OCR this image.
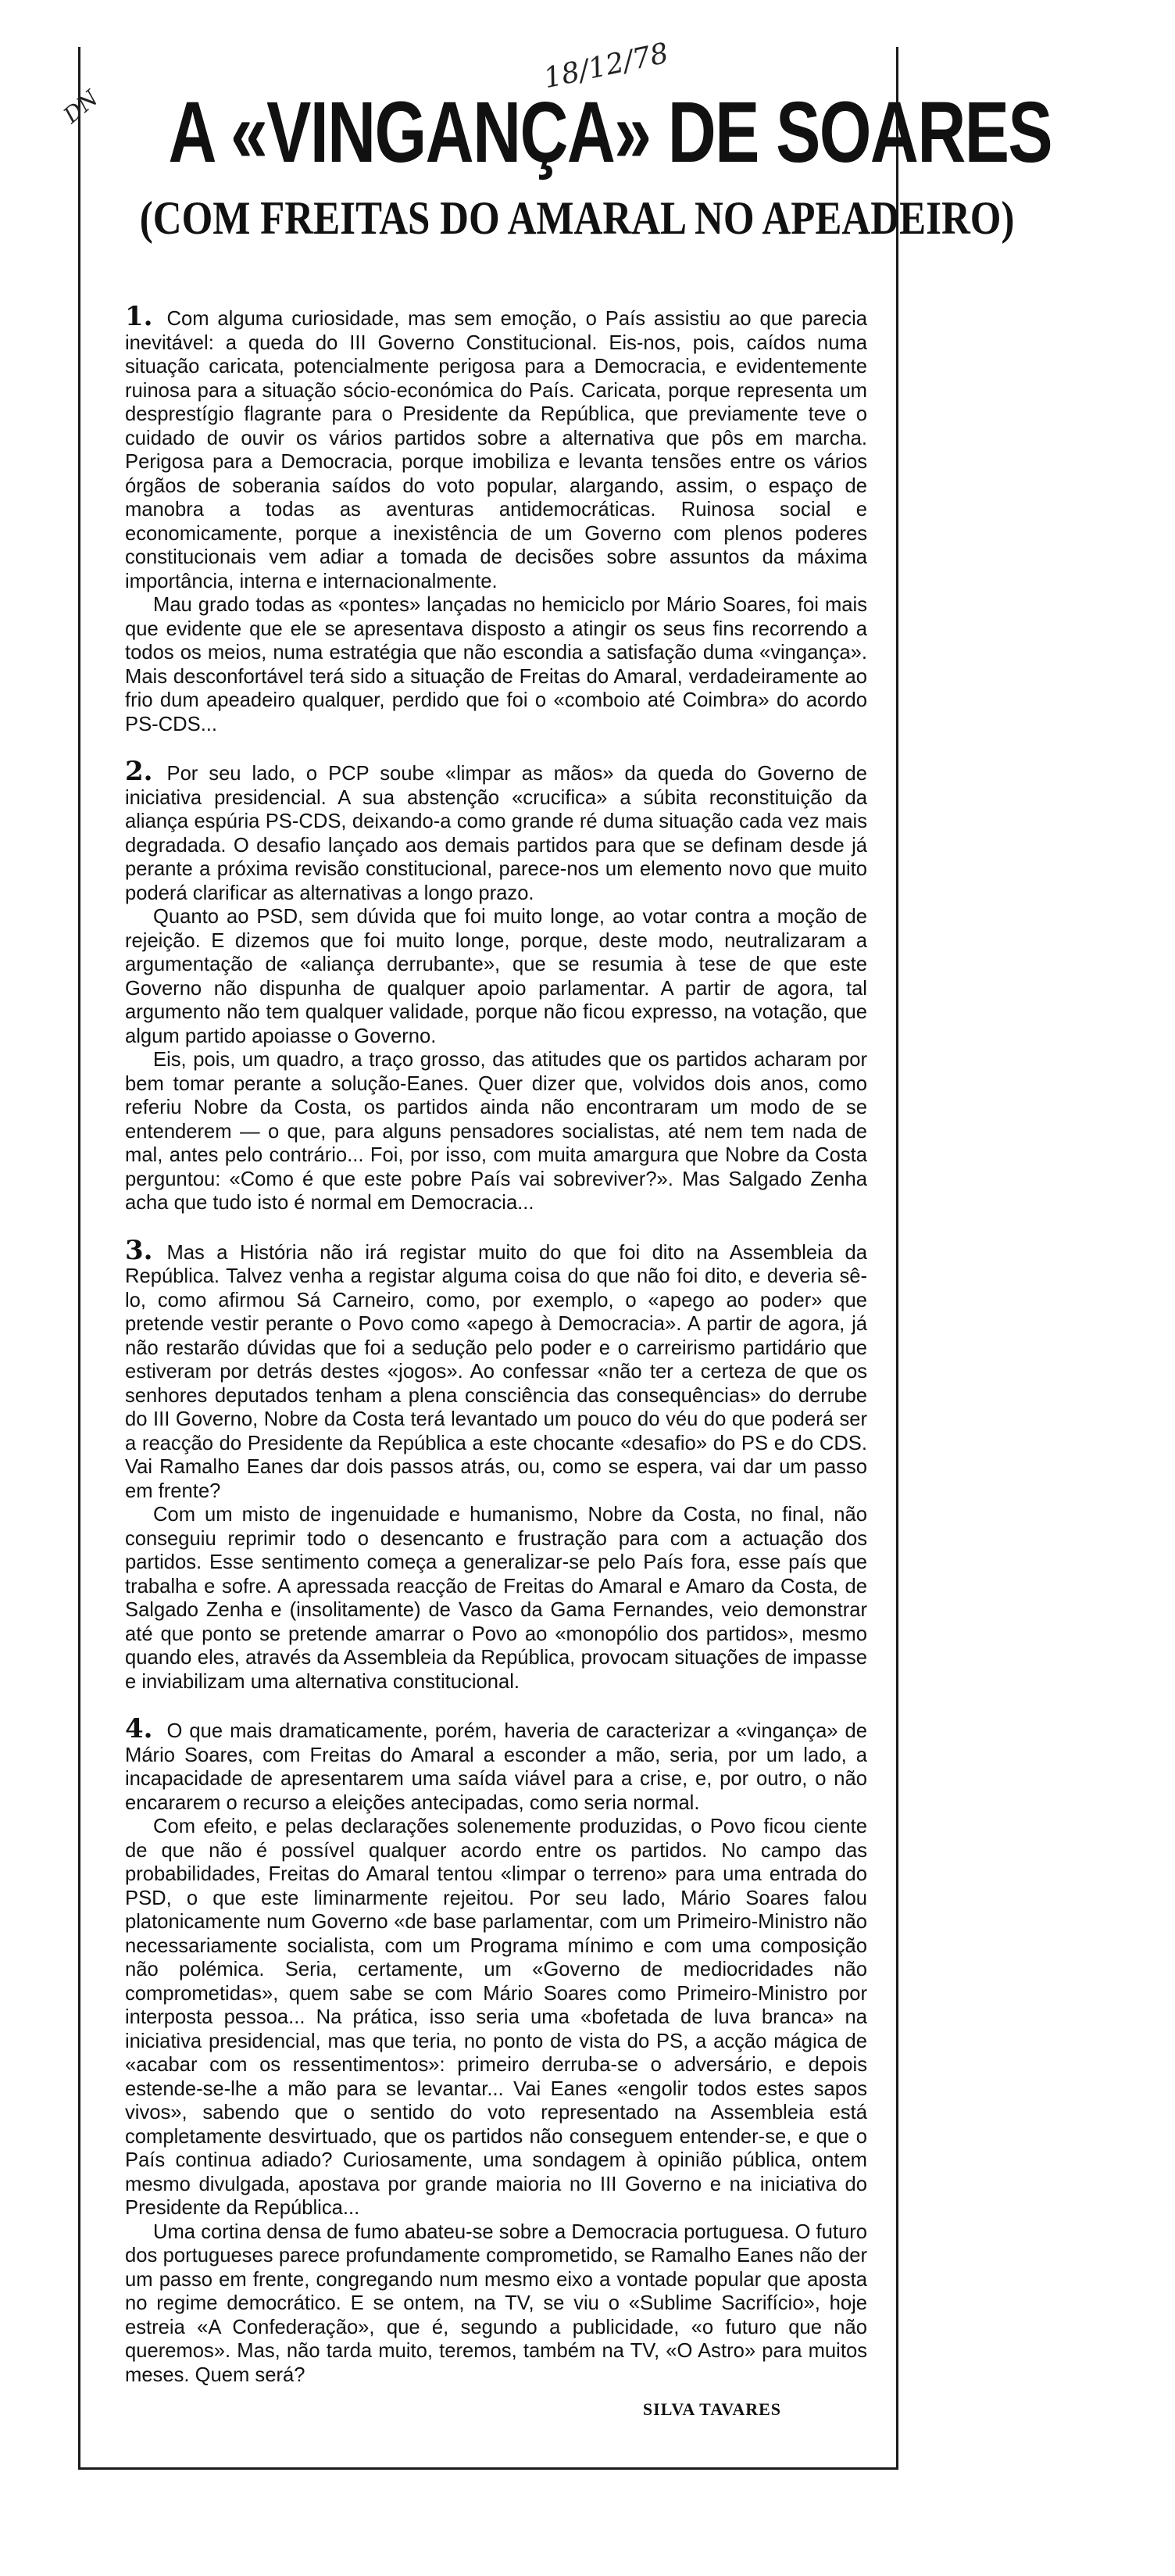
18/12/78
DN A «VINGANÇA» DE SOARES
(COM FREITAS DO AMARAL NO APEADEIRO)

1. Com alguma curiosidade, mas sem emoção, o País assistiu ao que parecia inevitável: a queda do III Governo Constitucional. Eis-nos, pois, caídos numa situação caricata, potencialmente perigosa para a Democracia, e evidentemente ruinosa para a situação sócio-económica do País. Caricata, porque representa um desprestígio flagrante para o Presidente da República, que previamente teve o cuidado de ouvir os vários partidos sobre a alternativa que pôs em marcha. Perigosa para a Democracia, porque imobiliza e levanta tensões entre os vários órgãos de soberania saídos do voto popular, alargando, assim, o espaço de manobra a todas as aventuras antidemocráticas. Ruinosa social e economicamente, porque a inexistência de um Governo com plenos poderes constitucionais vem adiar a tomada de decisões sobre assuntos da máxima importância, interna e internacionalmente.

Mau grado todas as «pontes» lançadas no hemiciclo por Mário Soares, foi mais que evidente que ele se apresentava disposto a atingir os seus fins recorrendo a todos os meios, numa estratégia que não escondia a satisfação duma «vingança». Mais desconfortável terá sido a situação de Freitas do Amaral, verdadeiramente ao frio dum apeadeiro qualquer, perdido que foi o «comboio até Coimbra» do acordo PS-CDS...

2. Por seu lado, o PCP soube «limpar as mãos» da queda do Governo de iniciativa presidencial. A sua abstenção «crucifica» a súbita reconstituição da aliança espúria PS-CDS, deixando-a como grande ré duma situação cada vez mais degradada. O desafio lançado aos demais partidos para que se definam desde já perante a próxima revisão constitucional, parece-nos um elemento novo que muito poderá clarificar as alternativas a longo prazo.

Quanto ao PSD, sem dúvida que foi muito longe, ao votar contra a moção de rejeição. E dizemos que foi muito longe, porque, deste modo, neutralizaram a argumentação de «aliança derrubante», que se resumia à tese de que este Governo não dispunha de qualquer apoio parlamentar. A partir de agora, tal argumento não tem qualquer validade, porque não ficou expresso, na votação, que algum partido apoiasse o Governo.

Eis, pois, um quadro, a traço grosso, das atitudes que os partidos acharam por bem tomar perante a solução-Eanes. Quer dizer que, volvidos dois anos, como referiu Nobre da Costa, os partidos ainda não encontraram um modo de se entenderem — o que, para alguns pensadores socialistas, até nem tem nada de mal, antes pelo contrário... Foi, por isso, com muita amargura que Nobre da Costa perguntou: «Como é que este pobre País vai sobreviver?». Mas Salgado Zenha acha que tudo isto é normal em Democracia...

3. Mas a História não irá registar muito do que foi dito na Assembleia da República. Talvez venha a registar alguma coisa do que não foi dito, e deveria sê-lo, como afirmou Sá Carneiro, como, por exemplo, o «apego ao poder» que pretende vestir perante o Povo como «apego à Democracia». A partir de agora, já não restarão dúvidas que foi a sedução pelo poder e o carreirismo partidário que estiveram por detrás destes «jogos». Ao confessar «não ter a certeza de que os senhores deputados tenham a plena consciência das consequências» do derrube do III Governo, Nobre da Costa terá levantado um pouco do véu do que poderá ser a reacção do Presidente da República a este chocante «desafio» do PS e do CDS. Vai Ramalho Eanes dar dois passos atrás, ou, como se espera, vai dar um passo em frente?

Com um misto de ingenuidade e humanismo, Nobre da Costa, no final, não conseguiu reprimir todo o desencanto e frustração para com a actuação dos partidos. Esse sentimento começa a generalizar-se pelo País fora, esse país que trabalha e sofre. A apressada reacção de Freitas do Amaral e Amaro da Costa, de Salgado Zenha e (insolitamente) de Vasco da Gama Fernandes, veio demonstrar até que ponto se pretende amarrar o Povo ao «monopólio dos partidos», mesmo quando eles, através da Assembleia da República, provocam situações de impasse e inviabilizam uma alternativa constitucional.

4. O que mais dramaticamente, porém, haveria de caracterizar a «vingança» de Mário Soares, com Freitas do Amaral a esconder a mão, seria, por um lado, a incapacidade de apresentarem uma saída viável para a crise, e, por outro, o não encararem o recurso a eleições antecipadas, como seria normal.

Com efeito, e pelas declarações solenemente produzidas, o Povo ficou ciente de que não é possível qualquer acordo entre os partidos. No campo das probabilidades, Freitas do Amaral tentou «limpar o terreno» para uma entrada do PSD, o que este liminarmente rejeitou. Por seu lado, Mário Soares falou platonicamente num Governo «de base parlamentar, com um Primeiro-Ministro não necessariamente socialista, com um Programa mínimo e com uma composição não polémica. Seria, certamente, um «Governo de mediocridades não comprometidas», quem sabe se com Mário Soares como Primeiro-Ministro por interposta pessoa... Na prática, isso seria uma «bofetada de luva branca» na iniciativa presidencial, mas que teria, no ponto de vista do PS, a acção mágica de «acabar com os ressentimentos»: primeiro derruba-se o adversário, e depois estende-se-lhe a mão para se levantar... Vai Eanes «engolir todos estes sapos vivos», sabendo que o sentido do voto representado na Assembleia está completamente desvirtuado, que os partidos não conseguem entender-se, e que o País continua adiado? Curiosamente, uma sondagem à opinião pública, ontem mesmo divulgada, apostava por grande maioria no III Governo e na iniciativa do Presidente da República...

Uma cortina densa de fumo abateu-se sobre a Democracia portuguesa. O futuro dos portugueses parece profundamente comprometido, se Ramalho Eanes não der um passo em frente, congregando num mesmo eixo a vontade popular que aposta no regime democrático. E se ontem, na TV, se viu o «Sublime Sacrifício», hoje estreia «A Confederação», que é, segundo a publicidade, «o futuro que não queremos». Mas, não tarda muito, teremos, também na TV, «O Astro» para muitos meses. Quem será?

SILVA TAVARES
